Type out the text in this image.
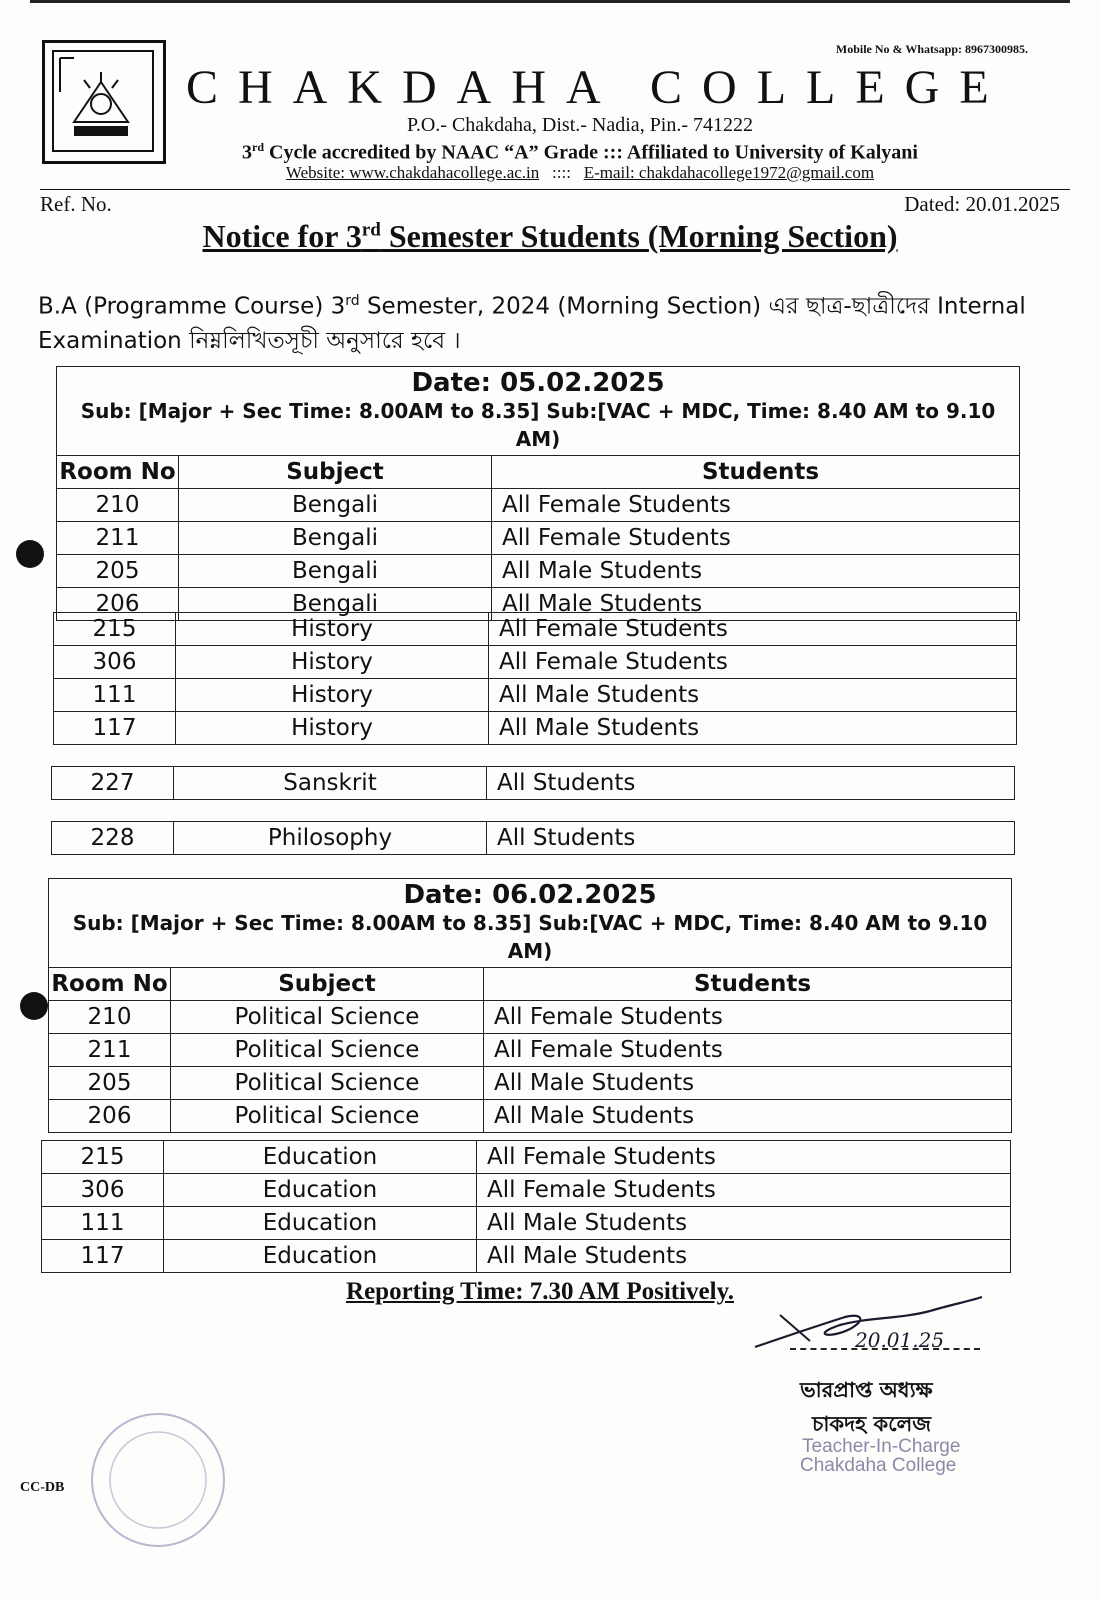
Mobile No & Whatsapp: 8967300985.
CHAKDAHA COLLEGE
P.O.- Chakdaha, Dist.- Nadia, Pin.- 741222
3rd Cycle accredited by NAAC “A” Grade ::: Affiliated to University of Kalyani
Website: www.chakdahacollege.ac.in   ::::   E-mail: chakdahacollege1972@gmail.com
Ref. No.	Dated: 20.01.2025
Notice for 3rd Semester Students (Morning Section)
B.A (Programme Course) 3rd Semester, 2024 (Morning Section) এর ছাত্র-ছাত্রীদের Internal Examination নিম্নলিখিতসূচী অনুসারে হবে ।
Date: 05.02.2025
Sub: [Major + Sec Time: 8.00AM to 8.35] Sub:[VAC + MDC, Time: 8.40 AM to 9.10 AM)		

Room No	Subject	Students
210	Bengali	All Female Students
211	Bengali	All Female Students
205	Bengali	All Male Students
206	Bengali	All Male Students
215	History	All Female Students
306	History	All Female Students
111	History	All Male Students
117	History	All Male Students
227	Sanskrit	All Students
228	Philosophy	All Students
Date: 06.02.2025
Sub: [Major + Sec Time: 8.00AM to 8.35] Sub:[VAC + MDC, Time: 8.40 AM to 9.10 AM)		

Room No	Subject	Students
210	Political Science	All Female Students
211	Political Science	All Female Students
205	Political Science	All Male Students
206	Political Science	All Male Students
215	Education	All Female Students
306	Education	All Female Students
111	Education	All Male Students
117	Education	All Male Students
Reporting Time: 7.30 AM Positively.
20.01.25
ভারপ্রাপ্ত অধ্যক্ষ
চাকদহ কলেজ
Teacher-In-Charge
Chakdaha College
CC-DB
